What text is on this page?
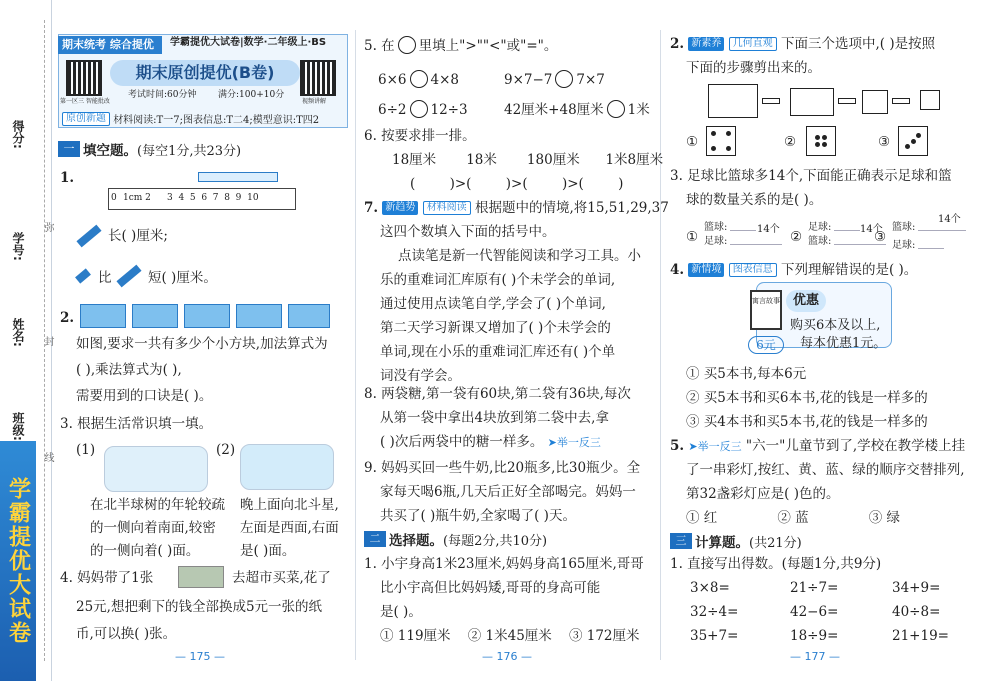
得分:
学号:
姓名:
班级:
弥
封
线
学霸提优大试卷
期末统考 综合提优	学霸提优大试卷|数学·二年级上·BS
期末原创提优(B卷)
考试时间:60分钟 满分:100+10分
第一区三 智能批改	视频讲解
原创新题 材料阅读:T一7;图表信息:T二4;模型意识:T四2
一 填空题。 (每空1分,共23分)
1.
0 1cm 2 3  4  5  6  7  8  9  10
长( )厘米;
比	短( )厘米。
2.
如图,要求一共有多少个小方块,加法算式为
( ),乘法算式为( ),
需要用到的口诀是( )。
3. 根据生活常识填一填。
(1)	(2)
在北半球树的年轮较疏
的一侧向着南面,较密
的一侧向着( )面。
晚上面向北斗星,
左面是西面,右面
是( )面。
4. 妈妈带了1张	去超市买菜,花了
25元,想把剩下的钱全部换成5元一张的纸
币,可以换( )张。
— 175 —
5. 在 里填上">""<"或"="。
6×6 4×8	9×7−7 7×7
6÷2 12÷3	42厘米+48厘米 1米
6. 按要求排一排。
18厘米       18米       180厘米      1米8厘米
(        )>(        )>(        )>(        )
7. 新趋势 材料阅读 根据题中的情境,将15,51,29,37
这四个数填入下面的括号中。
点读笔是新一代智能阅读和学习工具。小
乐的重难词汇库原有( )个未学会的单词,
通过使用点读笔自学,学会了( )个单词,
第二天学习新课又增加了( )个未学会的
单词,现在小乐的重难词汇库还有( )个单
词没有学会。
8. 两袋糖,第一袋有60块,第二袋有36块,每次
从第一袋中拿出4块放到第二袋中去,拿
( )次后两袋中的糖一样多。 ➤举一反三
9. 妈妈买回一些牛奶,比20瓶多,比30瓶少。全
家每天喝6瓶,几天后正好全部喝完。妈妈一
共买了( )瓶牛奶,全家喝了( )天。
二 选择题。 (每题2分,共10分)
1. 小宇身高1米23厘米,妈妈身高165厘米,哥哥
比小宇高但比妈妈矮,哥哥的身高可能
是( )。
① 119厘米    ② 1米45厘米    ③ 172厘米
— 176 —
2. 新素养 几何直观 下面三个选项中,( )是按照
下面的步骤剪出来的。
①	②	③
3. 足球比篮球多14个,下面能正确表示足球和篮
球的数量关系的是( )。
①
篮球:
足球:
14个 ②
足球:
篮球:
14个
③
14个
篮球:
足球:
4. 新情境 图表信息 下列理解错误的是( )。
寓言故事 优惠
6元
购买6本及以上,
每本优惠1元。
① 买5本书,每本6元
② 买5本书和买6本书,花的钱是一样多的
③ 买4本书和买5本书,花的钱是一样多的
5. ➤举一反三 "六一"儿童节到了,学校在教学楼上挂
了一串彩灯,按红、黄、蓝、绿的顺序交替排列,
第32盏彩灯应是( )色的。
① 红              ② 蓝              ③ 绿
三 计算题。 (共21分)
1. 直接写出得数。(每题1分,共9分)
3×8=	21÷7=	34+9=
32÷4=	42−6=	40÷8=
35+7=	18÷9=	21+19=
— 177 —
